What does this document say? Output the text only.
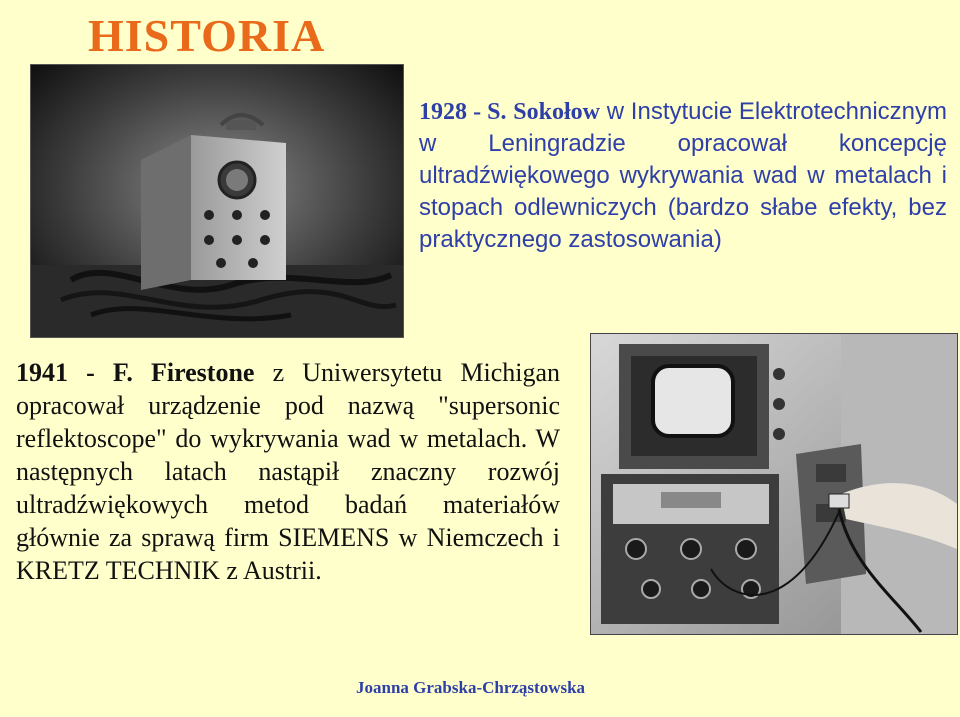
HISTORIA
1928 - S. Sokołow w Instytucie Elektrotechnicznym w Leningradzie opracował koncepcję ultradźwiękowego wykrywania wad w metalach i stopach odlewniczych (bardzo słabe efekty, bez praktycznego zastosowania)
1941 - F. Firestone z Uniwersytetu Michigan opracował urządzenie pod nazwą "supersonic reflektoscope" do wykrywania wad w metalach. W następnych latach nastąpił znaczny rozwój ultradźwiękowych metod badań materiałów głównie za sprawą firm SIEMENS w Niemczech i KRETZ TECHNIK z Austrii.
Joanna Grabska-Chrząstowska
